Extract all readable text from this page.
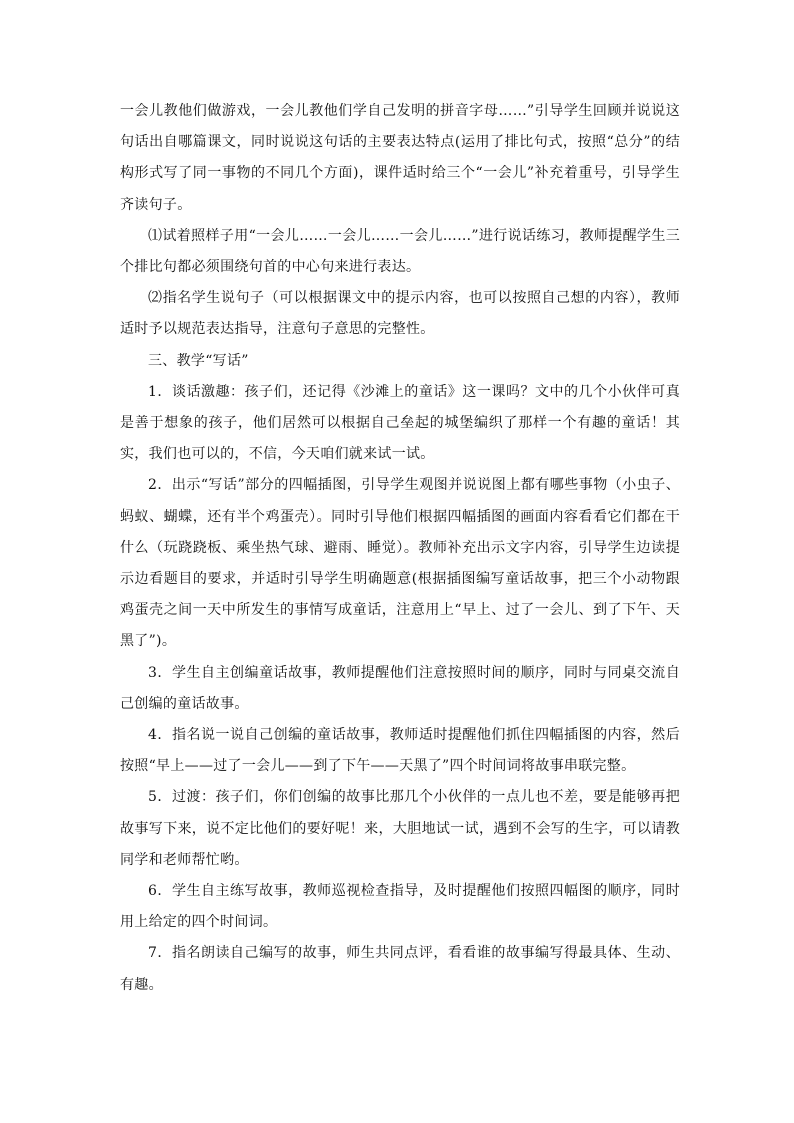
一会儿教他们做游戏，一会儿教他们学自己发明的拼音字母……”引导学生回顾并说说这句话出自哪篇课文，同时说说这句话的主要表达特点(运用了排比句式，按照“总分”的结构形式写了同一事物的不同几个方面)，课件适时给三个“一会儿”补充着重号，引导学生齐读句子。

⑴试着照样子用“一会儿……一会儿……一会儿……”进行说话练习，教师提醒学生三个排比句都必须围绕句首的中心句来进行表达。

⑵指名学生说句子（可以根据课文中的提示内容，也可以按照自己想的内容），教师适时予以规范表达指导，注意句子意思的完整性。

三、教学“写话”

1．谈话激趣：孩子们，还记得《沙滩上的童话》这一课吗？文中的几个小伙伴可真是善于想象的孩子，他们居然可以根据自己垒起的城堡编织了那样一个有趣的童话！其实，我们也可以的，不信，今天咱们就来试一试。

2．出示“写话”部分的四幅插图，引导学生观图并说说图上都有哪些事物（小虫子、蚂蚁、蝴蝶，还有半个鸡蛋壳）。同时引导他们根据四幅插图的画面内容看看它们都在干什么（玩跷跷板、乘坐热气球、避雨、睡觉）。教师补充出示文字内容，引导学生边读提示边看题目的要求，并适时引导学生明确题意(根据插图编写童话故事，把三个小动物跟鸡蛋壳之间一天中所发生的事情写成童话，注意用上“早上、过了一会儿、到了下午、天黑了”)。

3．学生自主创编童话故事，教师提醒他们注意按照时间的顺序，同时与同桌交流自己创编的童话故事。

4．指名说一说自己创编的童话故事，教师适时提醒他们抓住四幅插图的内容，然后按照“早上——过了一会儿——到了下午——天黑了”四个时间词将故事串联完整。

5．过渡：孩子们，你们创编的故事比那几个小伙伴的一点儿也不差，要是能够再把故事写下来，说不定比他们的要好呢！来，大胆地试一试，遇到不会写的生字，可以请教同学和老师帮忙哟。

6．学生自主练写故事，教师巡视检查指导，及时提醒他们按照四幅图的顺序，同时用上给定的四个时间词。

7．指名朗读自己编写的故事，师生共同点评，看看谁的故事编写得最具体、生动、有趣。
